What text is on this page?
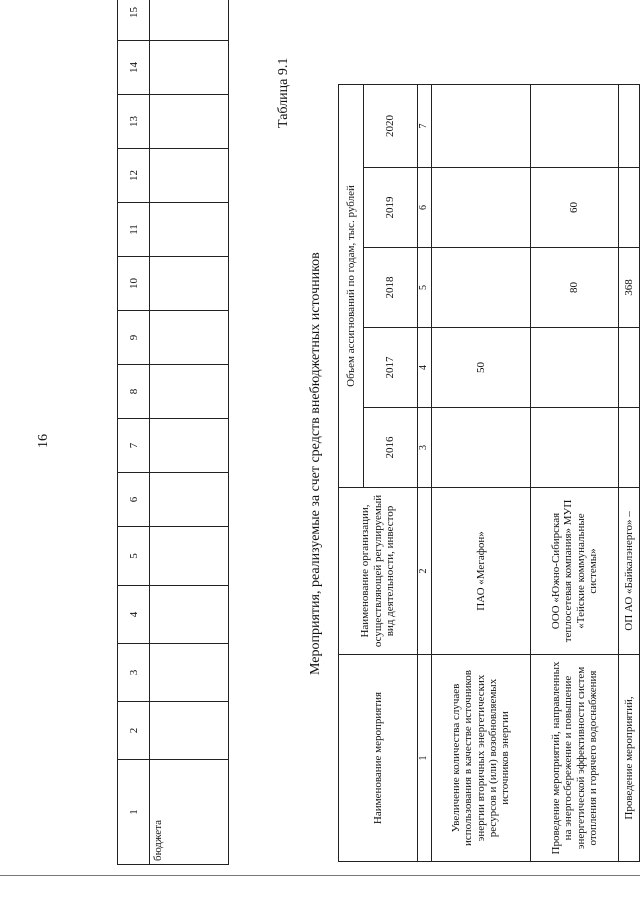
16
1	2	3	4	5	6	7	8	9	10	11	12	13	14	15
бюджета														
Таблица 9.1
Мероприятия, реализуемые за счет средств внебюджетных источников
Наименование мероприятия	Наименование организации, осуществляющей регулируемый вид деятельности, инвестор	Объем ассигнований по годам, тыс. рублей				
		2016	2017	2018	2019	2020
1	2	3	4	5	6	7
Увеличение количества случаев использования в качестве источников энергии вторичных энергетических ресурсов и (или) возобновляемых источников энергии	ПАО «Мегафон»		50			
Проведение мероприятий, направленных на энергосбережение и повышение энергетической эффективности систем отопления и горячего водоснабжения	ООО «Южно-Сибирская теплосетевая компания» МУП «Тейские коммунальные системы»			80	60	
Проведение мероприятий,	ОП АО «Байкалэнерго» –			368		
